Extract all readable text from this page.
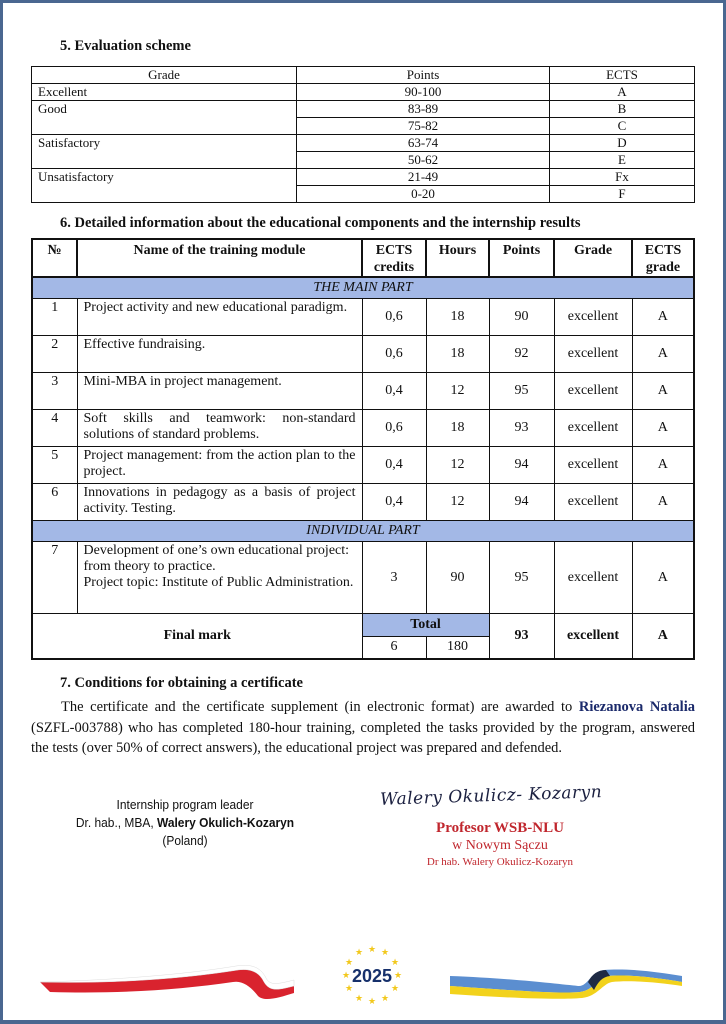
5. Evaluation scheme
Grade	Points	ECTS
Excellent	90-100	A
Good	83-89	B
	75-82	C
Satisfactory	63-74	D
	50-62	E
Unsatisfactory	21-49	Fx
	0-20	F
6. Detailed information about the educational components and the internship results
№	Name of the training module	ECTS credits	Hours	Points	Grade	ECTS grade
THE MAIN PART						
1	Project activity and new educational paradigm.	0,6	18	90	excellent	A
2	Effective fundraising.	0,6	18	92	excellent	A
3	Mini-MBA in project management.	0,4	12	95	excellent	A
4	Soft skills and teamwork: non-standard solutions of standard problems.	0,6	18	93	excellent	A
5	Project management: from the action plan to the project.	0,4	12	94	excellent	A
6	Innovations in pedagogy as a basis of project activity. Testing.	0,4	12	94	excellent	A
INDIVIDUAL PART						
7	Development of one’s own educational project: from theory to practice.
Project topic: Institute of Public Administration.	3	90	95	excellent	A
Final mark		Total		93	excellent	A
		6	180			
7. Conditions for obtaining a certificate
The certificate and the certificate supplement (in electronic format) are awarded to Riezanova Natalia (SZFL-003788) who has completed 180-hour training, completed the tasks provided by the program, answered the tests (over 50% of correct answers), the educational project was prepared and defended.
Internship program leader
Dr. hab., MBA, Walery Okulich-Kozaryn
(Poland)
Walery Okulicz- Kozaryn
Profesor WSB-NLU
w Nowym Sączu
Dr hab. Walery Okulicz-Kozaryn
★ ★
★
★
★
★
★
★
★
★
★
★
2025
